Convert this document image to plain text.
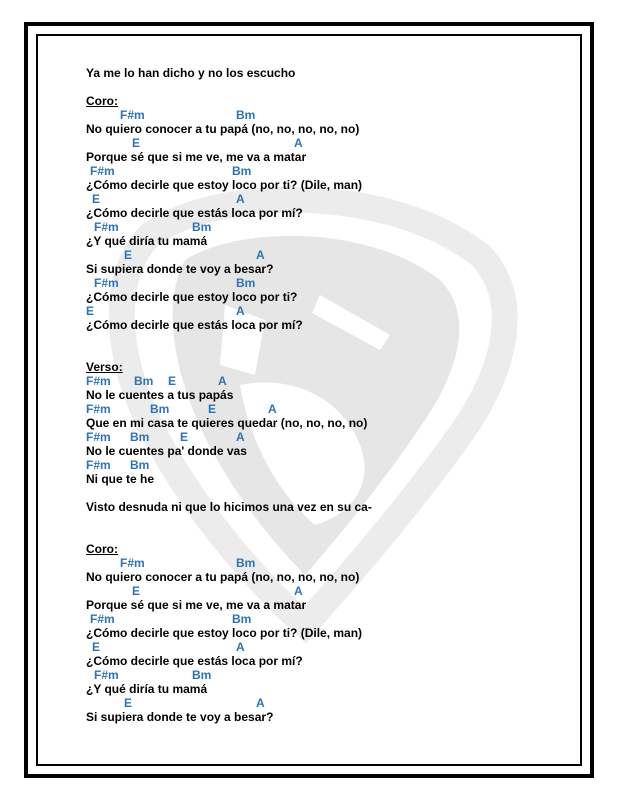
Ya me lo han dicho y no los escucho
Coro:
F#m	Bm
No quiero conocer a tu papá (no, no, no, no, no)
E	A
Porque sé que si me ve, me va a matar
F#m	Bm
¿Cómo decirle que estoy loco por ti? (Dile, man)
E	A
¿Cómo decirle que estás loca por mí?
F#m	Bm
¿Y qué diría tu mamá
E	A
Si supiera donde te voy a besar?
F#m	Bm
¿Cómo decirle que estoy loco por ti?
E	A
¿Cómo decirle que estás loca por mí?
Verso:
F#m Bm E	A
No le cuentes a tus papás
F#m	Bm	E	A
Que en mi casa te quieres quedar (no, no, no, no)
F#m Bm	E	A
No le cuentes pa' donde vas
F#m Bm
Ni que te he
Visto desnuda ni que lo hicimos una vez en su ca-
Coro:
F#m	Bm
No quiero conocer a tu papá (no, no, no, no, no)
E	A
Porque sé que si me ve, me va a matar
F#m	Bm
¿Cómo decirle que estoy loco por ti? (Dile, man)
E	A
¿Cómo decirle que estás loca por mí?
F#m	Bm
¿Y qué diría tu mamá
E	A
Si supiera donde te voy a besar?
